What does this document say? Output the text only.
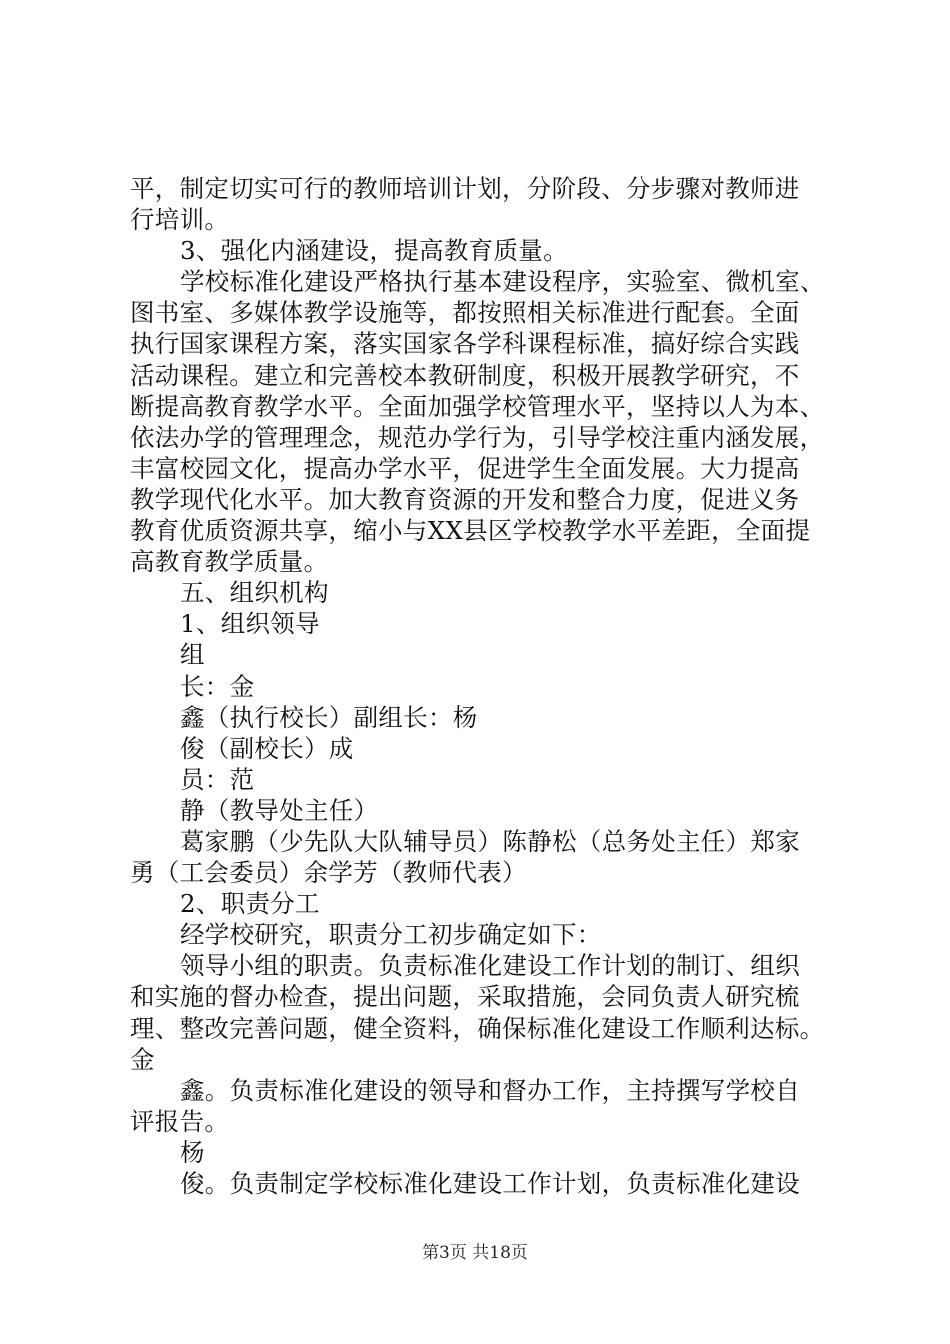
平，制定切实可行的教师培训计划，分阶段、分步骤对教师进
行培训。
3、强化内涵建设，提高教育质量。
学校标准化建设严格执行基本建设程序，实验室、微机室、
图书室、多媒体教学设施等，都按照相关标准进行配套。全面
执行国家课程方案，落实国家各学科课程标准，搞好综合实践
活动课程。建立和完善校本教研制度，积极开展教学研究，不
断提高教育教学水平。全面加强学校管理水平，坚持以人为本、
依法办学的管理理念，规范办学行为，引导学校注重内涵发展，
丰富校园文化，提高办学水平，促进学生全面发展。大力提高
教学现代化水平。加大教育资源的开发和整合力度，促进义务
教育优质资源共享，缩小与XX县区学校教学水平差距，全面提
高教育教学质量。
五、组织机构
1、组织领导
组
长：金
鑫（执行校长）副组长：杨
俊（副校长）成
员：范
静（教导处主任）
葛家鹏（少先队大队辅导员）陈静松（总务处主任）郑家
勇（工会委员）余学芳（教师代表）
2、职责分工
经学校研究，职责分工初步确定如下：
领导小组的职责。负责标准化建设工作计划的制订、组织
和实施的督办检查，提出问题，采取措施，会同负责人研究梳
理、整改完善问题，健全资料，确保标准化建设工作顺利达标。
金
鑫。负责标准化建设的领导和督办工作，主持撰写学校自
评报告。
杨
俊。负责制定学校标准化建设工作计划，负责标准化建设
第3页 共18页
